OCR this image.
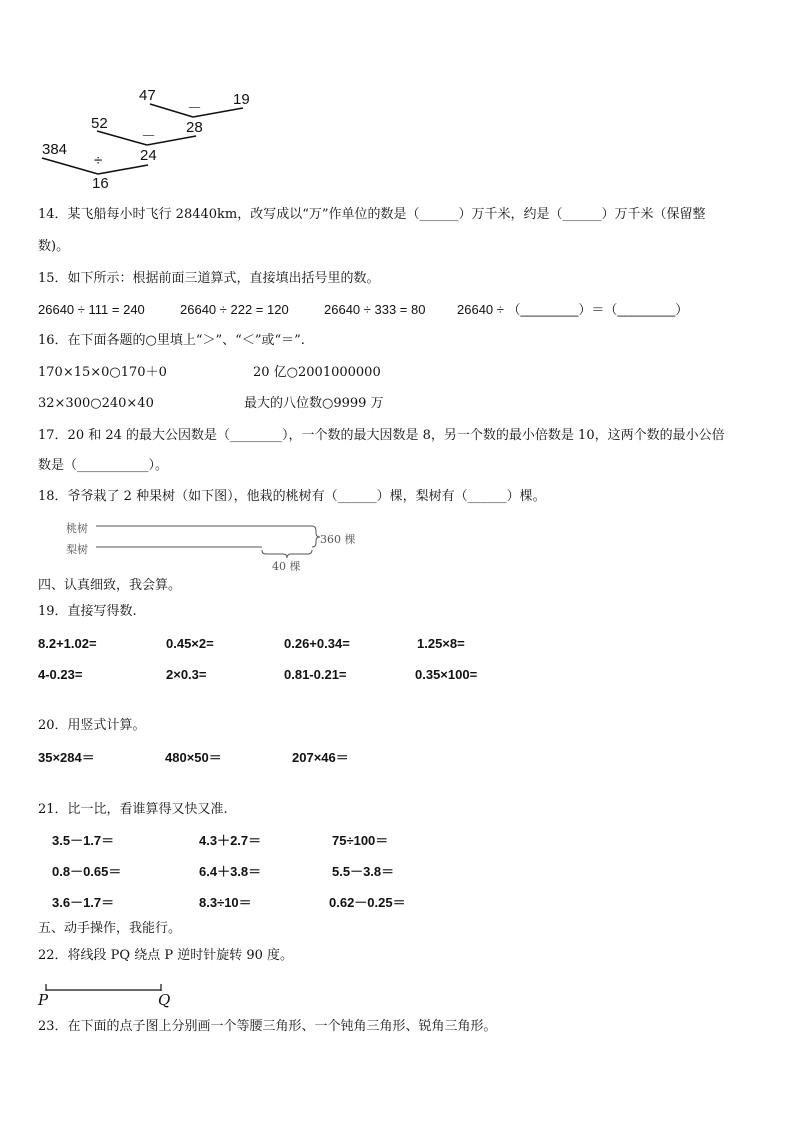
47
－
19
52	28
－
384
÷	24
16
14．某飞船每小时飞行 28440km，改写成以“万”作单位的数是（______）万千米，约是（______）万千米（保留整
数)。
15．如下所示：根据前面三道算式，直接填出括号里的数。
26640 ÷ 111 = 240	26640 ÷ 222 = 120	26640 ÷ 333 = 80 26640 ÷ （________）＝（________）
16．在下面各题的○里填上“＞”、“＜”或“＝”.
170×15×0○170＋0	20 亿○2001000000
32×300○240×40	最大的八位数○9999 万
17．20 和 24 的最大公因数是（________），一个数的最大因数是 8，另一个数的最小倍数是 10，这两个数的最小公倍
数是（___________）。
18．爷爷栽了 2 种果树（如下图），他栽的桃树有（______）棵，梨树有（______）棵。
桃树
梨树
360 棵
40 棵
四、认真细致，我会算。
19．直接写得数.
8.2+1.02=	0.45×2=	0.26+0.34=	1.25×8=
4-0.23=	2×0.3=	0.81-0.21=	0.35×100=
20．用竖式计算。
35×284＝	480×50＝	207×46＝
21．比一比，看谁算得又快又准.
3.5－1.7＝	4.3＋2.7＝	75÷100＝
0.8－0.65＝	6.4＋3.8＝	5.5－3.8＝
3.6－1.7＝	8.3÷10＝	0.62－0.25＝
五、动手操作，我能行。
22．将线段 PQ 绕点 P 逆时针旋转 90 度。
P	Q
23．在下面的点子图上分别画一个等腰三角形、一个钝角三角形、锐角三角形。
